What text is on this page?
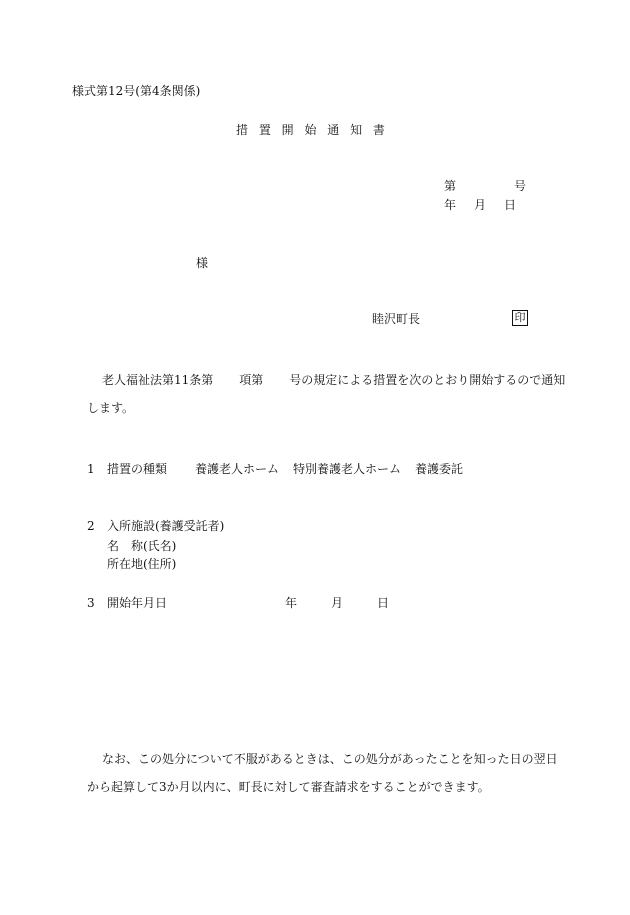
様式第12号(第4条関係)
措 置 開 始 通 知 書
第	号
年 月 日
様
睦沢町長	印
老人福祉法第11条第 項第 号の規定による措置を次のとおり開始するので通知
します。
1 措置の種類 養護老人ホーム 特別養護老人ホーム 養護委託
2 入所施設(養護受託者)
名　称(氏名)
所在地(住所)
3 開始年月日	年	月	日
なお、この処分について不服があるときは、この処分があったことを知った日の翌日
から起算して3か月以内に、町長に対して審査請求をすることができます。
